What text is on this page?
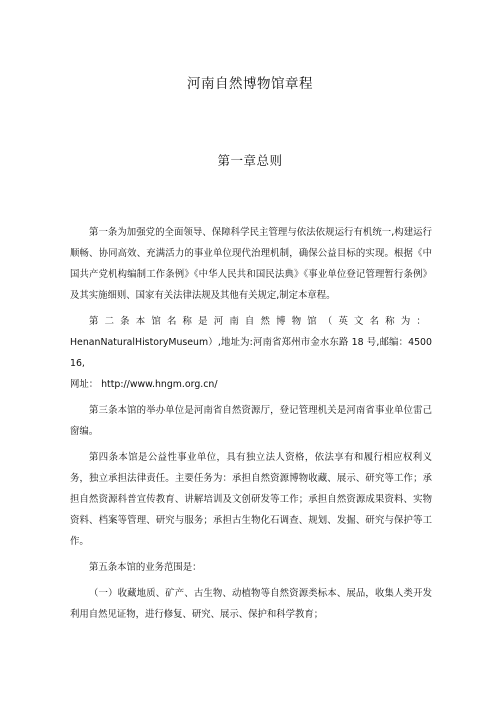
河南自然博物馆章程
第一章总则

第一条为加强党的全面领导、保障科学民主管理与依法依规运行有机统一,构建运行顺畅、协同高效、充满活力的事业单位现代治理机制，确保公益目标的实现。根据《中国共产党机构编制工作条例》《中华人民共和国民法典》《事业单位登记管理暂行条例》及其实施细则、国家有关法律法规及其他有关规定,制定本章程。

第二条本馆名称是河南自然博物馆（英文名称为：
HenanNaturalHistoryMuseum）,地址为:河南省郑州市金水东路 18 号,邮编：450016,
网址： http://www.hngm.org.cn/

第三条本馆的举办单位是河南省自然资源厅，登记管理机关是河南省事业单位雷己窗编。

第四条本馆是公益性事业单位，具有独立法人资格，依法享有和履行相应权利义务，独立承担法律责任。主要任务为：承担自然资源博物收藏、展示、研究等工作；承担自然资源科普宣传教育、讲解培训及文创研发等工作；承担自然资源成果资料、实物资料、档案等管理、研究与服务；承担古生物化石调查、规划、发掘、研究与保护等工作。

第五条本馆的业务范围是：

（一）收藏地质、矿产、古生物、动植物等自然资源类标本、展品，收集人类开发利用自然见证物，进行修复、研究、展示、保护和科学教育；
